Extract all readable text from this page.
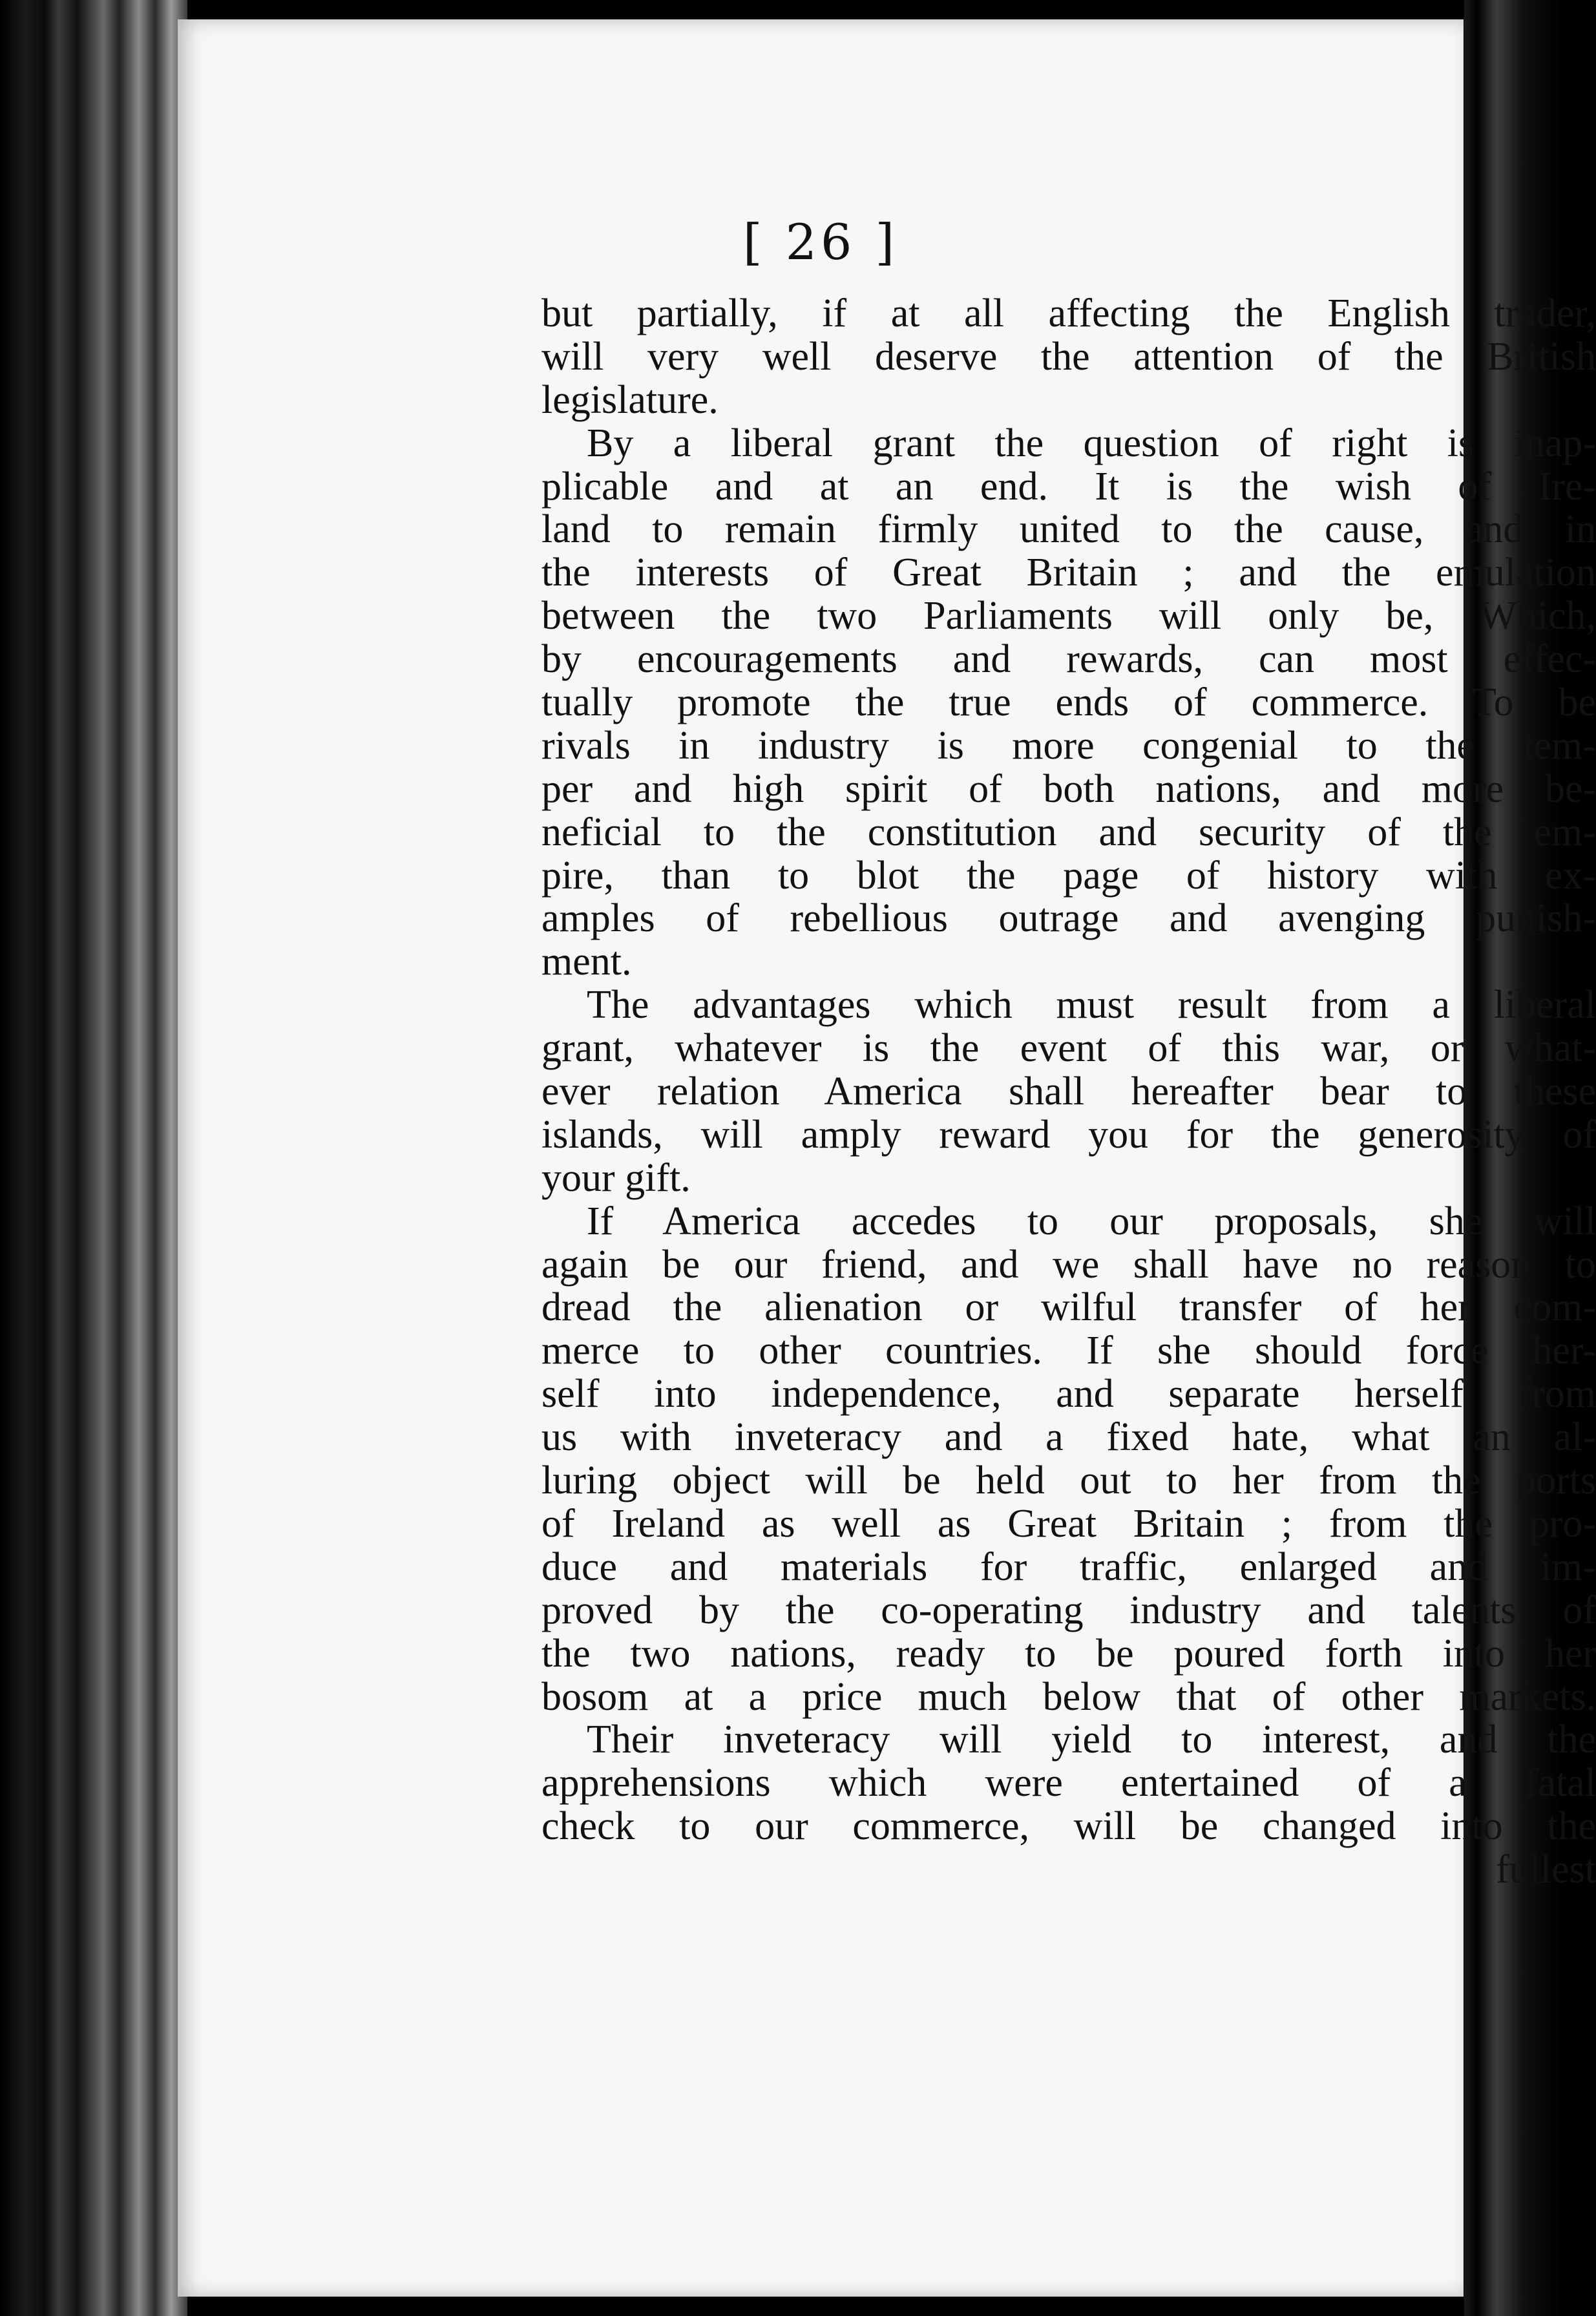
[ 26 ]
but partially, if at all affecting the English trader,
will very well deserve the attention of the British
legislature.
By a liberal grant the question of right is inap-
plicable and at an end. It is the wish of Ire-
land to remain firmly united to the cause, and in
the interests of Great Britain ; and the emulation
between the two Parliaments will only be, Which,
by encouragements and rewards, can most effec-
tually promote the true ends of commerce. To be
rivals in industry is more congenial to the tem-
per and high spirit of both nations, and more be-
neficial to the constitution and security of the em-
pire, than to blot the page of history with ex-
amples of rebellious outrage and avenging punish-
ment.
The advantages which must result from a liberal
grant, whatever is the event of this war, or what-
ever relation America shall hereafter bear to these
islands, will amply reward you for the generosity of
your gift.
If America accedes to our proposals, she will
again be our friend, and we shall have no reason to
dread the alienation or wilful transfer of her com-
merce to other countries. If she should force her-
self into independence, and separate herself from
us with inveteracy and a fixed hate, what an al-
luring object will be held out to her from the ports
of Ireland as well as Great Britain ; from the pro-
duce and materials for traffic, enlarged and im-
proved by the co-operating industry and talents of
the two nations, ready to be poured forth into her
bosom at a price much below that of other markets.
Their inveteracy will yield to interest, and the
apprehensions which were entertained of a fatal
check to our commerce, will be changed into the
fullest
